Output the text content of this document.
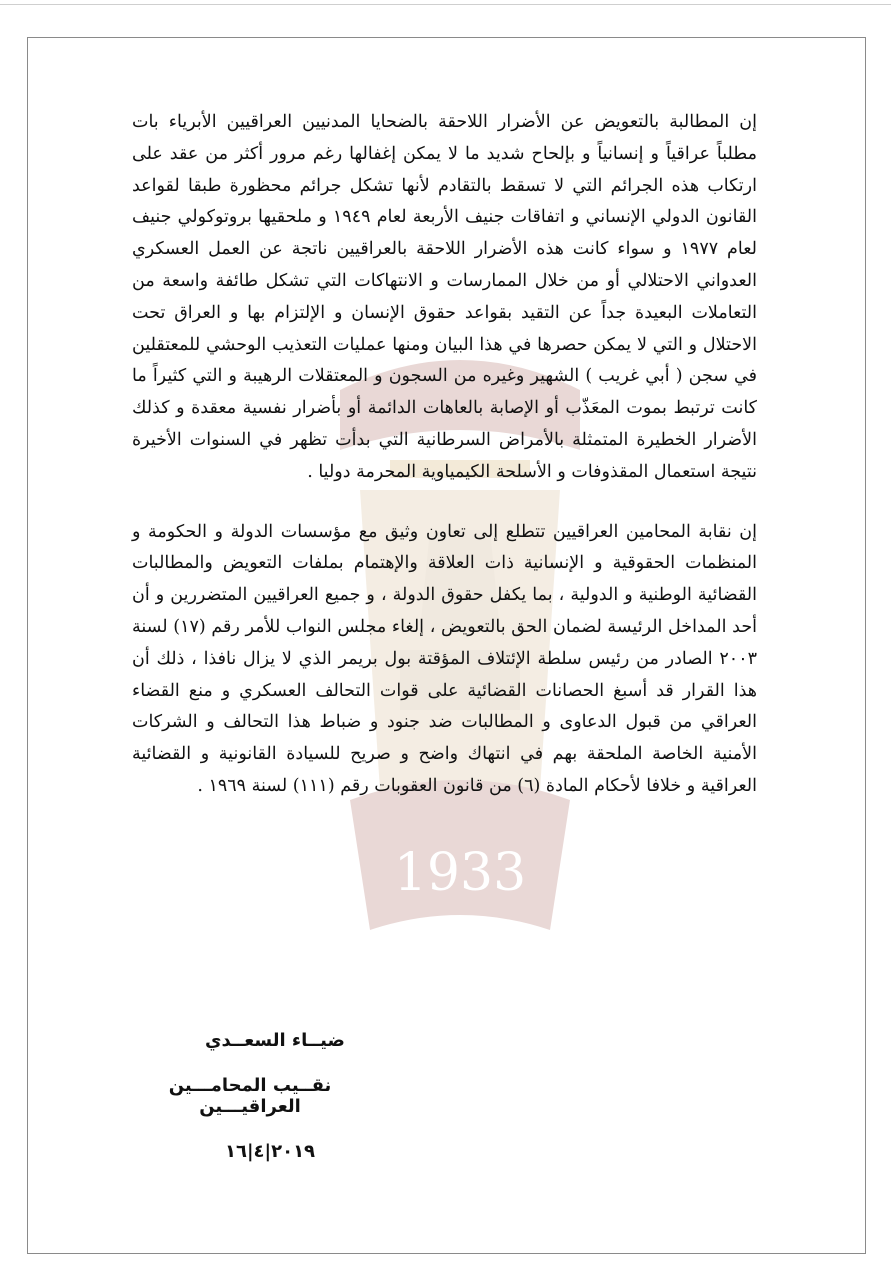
1933

إن المطالبة بالتعويض عن الأضرار اللاحقة بالضحايا المدنيين العراقيين الأبرياء بات مطلباً عراقياً و إنسانياً و بإلحاح شديد ما لا يمكن إغفالها رغم مرور أكثر من عقد على ارتكاب هذه الجرائم التي لا تسقط بالتقادم لأنها تشكل جرائم محظورة طبقا لقواعد القانون الدولي الإنساني و اتفاقات جنيف الأربعة لعام ١٩٤٩ و ملحقيها بروتوكولي جنيف لعام ١٩٧٧ و سواء كانت هذه الأضرار اللاحقة بالعراقيين ناتجة عن العمل العسكري العدواني الاحتلالي أو من خلال الممارسات و الانتهاكات التي تشكل طائفة واسعة من التعاملات البعيدة جداً عن التقيد بقواعد حقوق الإنسان و الإلتزام بها و العراق تحت الاحتلال و التي لا يمكن حصرها في هذا البيان ومنها عمليات التعذيب الوحشي للمعتقلين في سجن ( أبي غريب ) الشهير وغيره من السجون و المعتقلات الرهيبة و التي كثيراً ما كانت ترتبط بموت المعَذّب أو الإصابة بالعاهات الدائمة أو بأضرار نفسية معقدة و كذلك الأضرار الخطيرة المتمثلة بالأمراض السرطانية التي بدأت تظهر في السنوات الأخيرة نتيجة استعمال المقذوفات و الأسلحة الكيمياوية المحرمة دوليا .

إن نقابة المحامين العراقيين تتطلع إلى تعاون وثيق مع مؤسسات الدولة و الحكومة و المنظمات الحقوقية و الإنسانية ذات العلاقة والإهتمام بملفات التعويض والمطالبات القضائية الوطنية و الدولية ، بما يكفل حقوق الدولة ، و جميع العراقيين المتضررين و أن أحد المداخل الرئيسة لضمان الحق بالتعويض ، إلغاء مجلس النواب للأمر رقم (١٧) لسنة ٢٠٠٣ الصادر من رئيس سلطة الإئتلاف المؤقتة بول بريمر الذي لا يزال نافذا ، ذلك أن هذا القرار قد أسبغ الحصانات القضائية على قوات التحالف العسكري و منع القضاء العراقي من قبول الدعاوى و المطالبات ضد جنود و ضباط هذا التحالف و الشركات الأمنية الخاصة الملحقة بهم في انتهاك واضح و صريح للسيادة القانونية و القضائية العراقية و خلافا لأحكام المادة (٦) من قانون العقوبات رقم (١١١) لسنة ١٩٦٩ .

ضيــاء السعــدي
نقــيب المحامـــين العراقيـــين
٢٠١٩|٤|١٦
